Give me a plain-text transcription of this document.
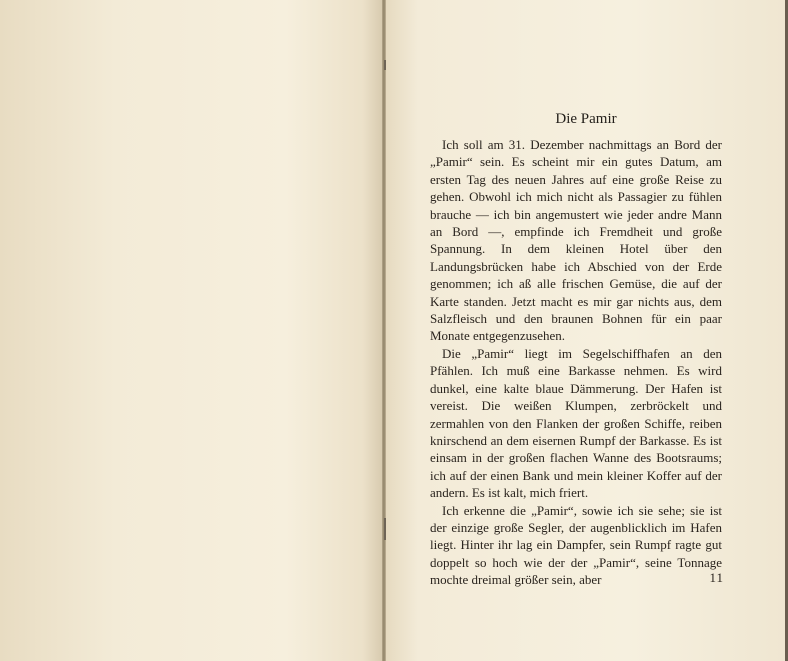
Die Pamir

Ich soll am 31. Dezember nachmittags an Bord der „Pamir“ sein. Es scheint mir ein gutes Datum, am ersten Tag des neuen Jahres auf eine große Reise zu gehen. Obwohl ich mich nicht als Passagier zu fühlen brauche — ich bin angemustert wie jeder andre Mann an Bord —, empfinde ich Fremdheit und große Spannung. In dem kleinen Hotel über den Landungsbrücken habe ich Abschied von der Erde genommen; ich aß alle frischen Gemüse, die auf der Karte standen. Jetzt macht es mir gar nichts aus, dem Salzfleisch und den braunen Bohnen für ein paar Monate entgegenzusehen.

Die „Pamir“ liegt im Segelschiffhafen an den Pfählen. Ich muß eine Barkasse nehmen. Es wird dunkel, eine kalte blaue Dämmerung. Der Hafen ist vereist. Die weißen Klumpen, zerbröckelt und zermahlen von den Flanken der großen Schiffe, reiben knirschend an dem eisernen Rumpf der Barkasse. Es ist einsam in der großen flachen Wanne des Bootsraums; ich auf der einen Bank und mein kleiner Koffer auf der andern. Es ist kalt, mich friert.

Ich erkenne die „Pamir“, sowie ich sie sehe; sie ist der einzige große Segler, der augenblicklich im Hafen liegt. Hinter ihr lag ein Dampfer, sein Rumpf ragte gut doppelt so hoch wie der der „Pamir“, seine Tonnage mochte dreimal größer sein, aber	11
